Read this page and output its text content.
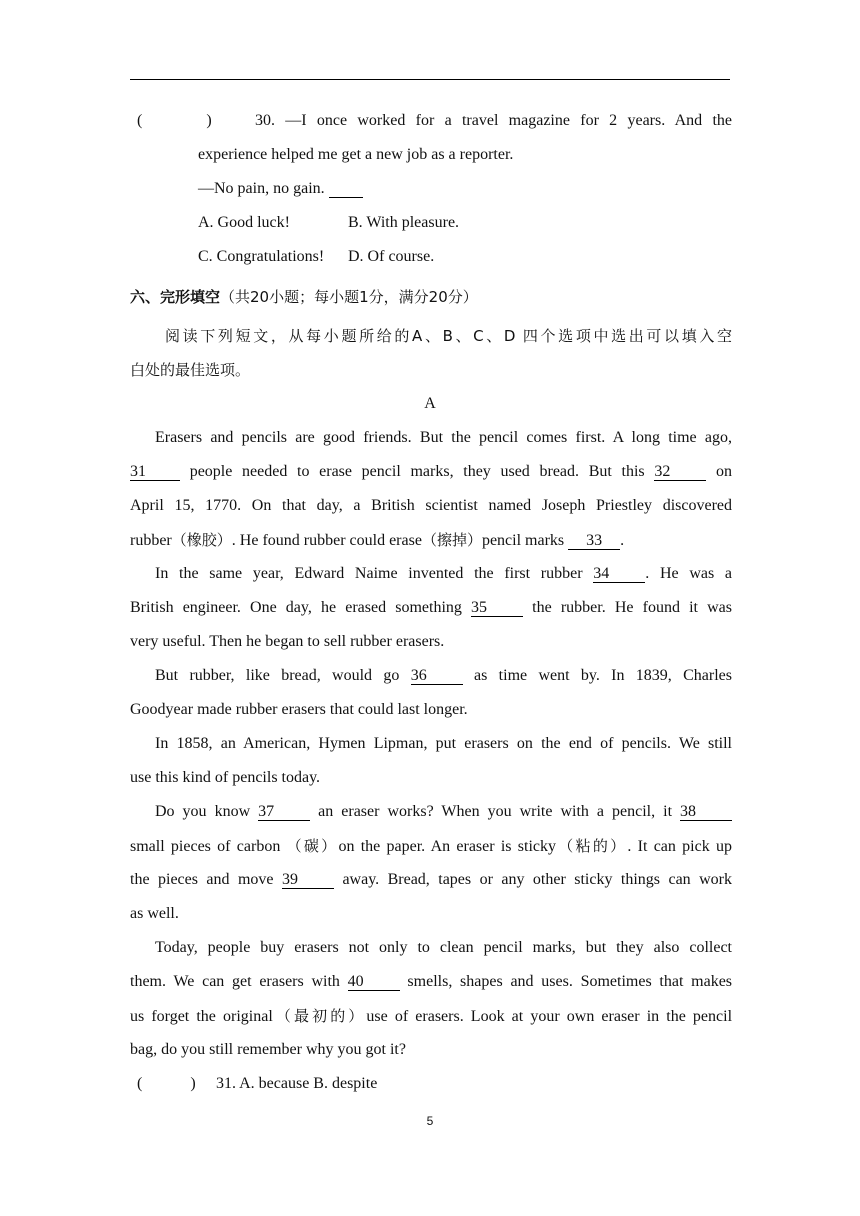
(　　　　)	30. —I once worked for a travel magazine for 2 years. And the
experience helped me get a new job as a reporter.
—No pain, no gain.
A. Good luck!	B. With pleasure.
C. Congratulations! D. Of course.
六、完形填空（共20小题；每小题1分，满分20分）
阅读下列短文，从每小题所给的A、B、C、D 四个选项中选出可以填入空
白处的最佳选项。
A
Erasers and pencils are good friends. But the pencil comes first. A long time ago,
31	people needed to erase pencil marks, they used bread. But this 32	on
April 15, 1770. On that day, a British scientist named Joseph Priestley discovered
rubber（橡胶）. He found rubber could erase（擦掉）pencil marks 33 .
In the same year, Edward Naime invented the first rubber 34 . He was a
British engineer. One day, he erased something 35	the rubber. He found it was
very useful. Then he began to sell rubber erasers.
But rubber, like bread, would go 36	as time went by. In 1839, Charles
Goodyear made rubber erasers that could last longer.
In 1858, an American, Hymen Lipman, put erasers on the end of pencils. We still
use this kind of pencils today.
Do you know 37	an eraser works? When you write with a pencil, it 38
small pieces of carbon （碳）on the paper. An eraser is sticky（粘的）. It can pick up
the pieces and move 39	away. Bread, tapes or any other sticky things can work
as well.
Today, people buy erasers not only to clean pencil marks, but they also collect
them. We can get erasers with 40	smells, shapes and uses. Sometimes that makes
us forget the original（最初的）use of erasers. Look at your own eraser in the pencil
bag, do you still remember why you got it?
(　　　) 31. A. because B. despite
5
